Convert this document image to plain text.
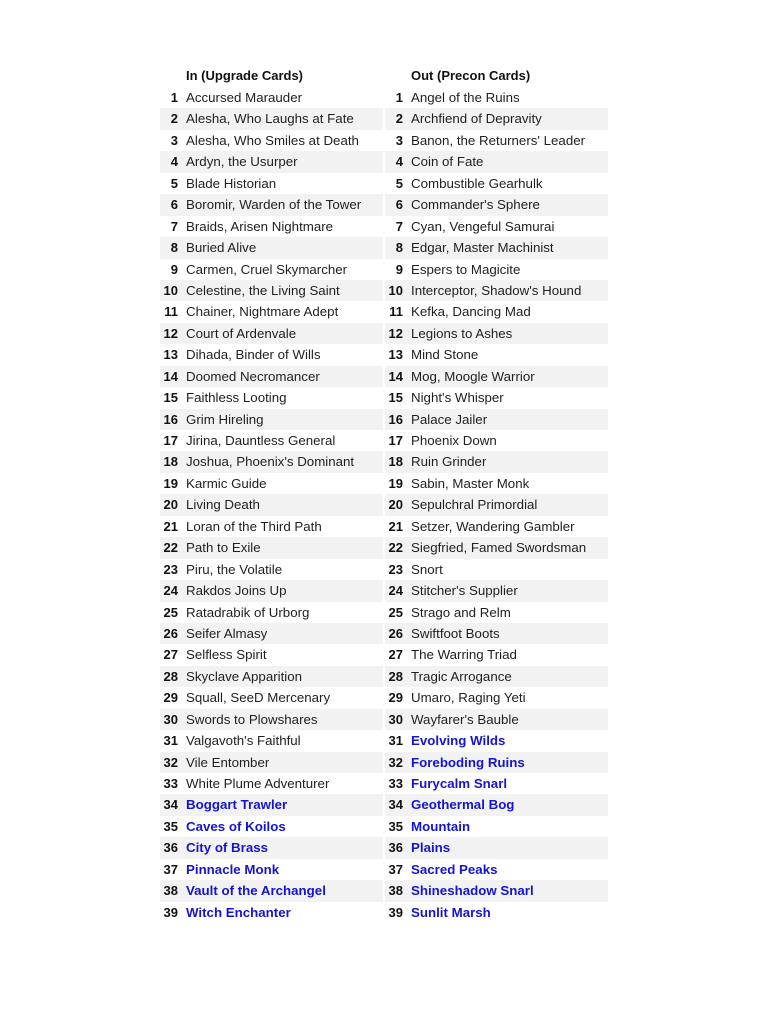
In (Upgrade Cards)
1 Accursed Marauder
2 Alesha, Who Laughs at Fate
3 Alesha, Who Smiles at Death
4 Ardyn, the Usurper
5 Blade Historian
6 Boromir, Warden of the Tower
7 Braids, Arisen Nightmare
8 Buried Alive
9 Carmen, Cruel Skymarcher
10 Celestine, the Living Saint
11 Chainer, Nightmare Adept
12 Court of Ardenvale
13 Dihada, Binder of Wills
14 Doomed Necromancer
15 Faithless Looting
16 Grim Hireling
17 Jirina, Dauntless General
18 Joshua, Phoenix's Dominant
19 Karmic Guide
20 Living Death
21 Loran of the Third Path
22 Path to Exile
23 Piru, the Volatile
24 Rakdos Joins Up
25 Ratadrabik of Urborg
26 Seifer Almasy
27 Selfless Spirit
28 Skyclave Apparition
29 Squall, SeeD Mercenary
30 Swords to Plowshares
31 Valgavoth's Faithful
32 Vile Entomber
33 White Plume Adventurer
34 Boggart Trawler
35 Caves of Koilos
36 City of Brass
37 Pinnacle Monk
38 Vault of the Archangel
39 Witch Enchanter
Out (Precon Cards)
1 Angel of the Ruins
2 Archfiend of Depravity
3 Banon, the Returners' Leader
4 Coin of Fate
5 Combustible Gearhulk
6 Commander's Sphere
7 Cyan, Vengeful Samurai
8 Edgar, Master Machinist
9 Espers to Magicite
10 Interceptor, Shadow's Hound
11 Kefka, Dancing Mad
12 Legions to Ashes
13 Mind Stone
14 Mog, Moogle Warrior
15 Night's Whisper
16 Palace Jailer
17 Phoenix Down
18 Ruin Grinder
19 Sabin, Master Monk
20 Sepulchral Primordial
21 Setzer, Wandering Gambler
22 Siegfried, Famed Swordsman
23 Snort
24 Stitcher's Supplier
25 Strago and Relm
26 Swiftfoot Boots
27 The Warring Triad
28 Tragic Arrogance
29 Umaro, Raging Yeti
30 Wayfarer's Bauble
31 Evolving Wilds
32 Foreboding Ruins
33 Furycalm Snarl
34 Geothermal Bog
35 Mountain
36 Plains
37 Sacred Peaks
38 Shineshadow Snarl
39 Sunlit Marsh
